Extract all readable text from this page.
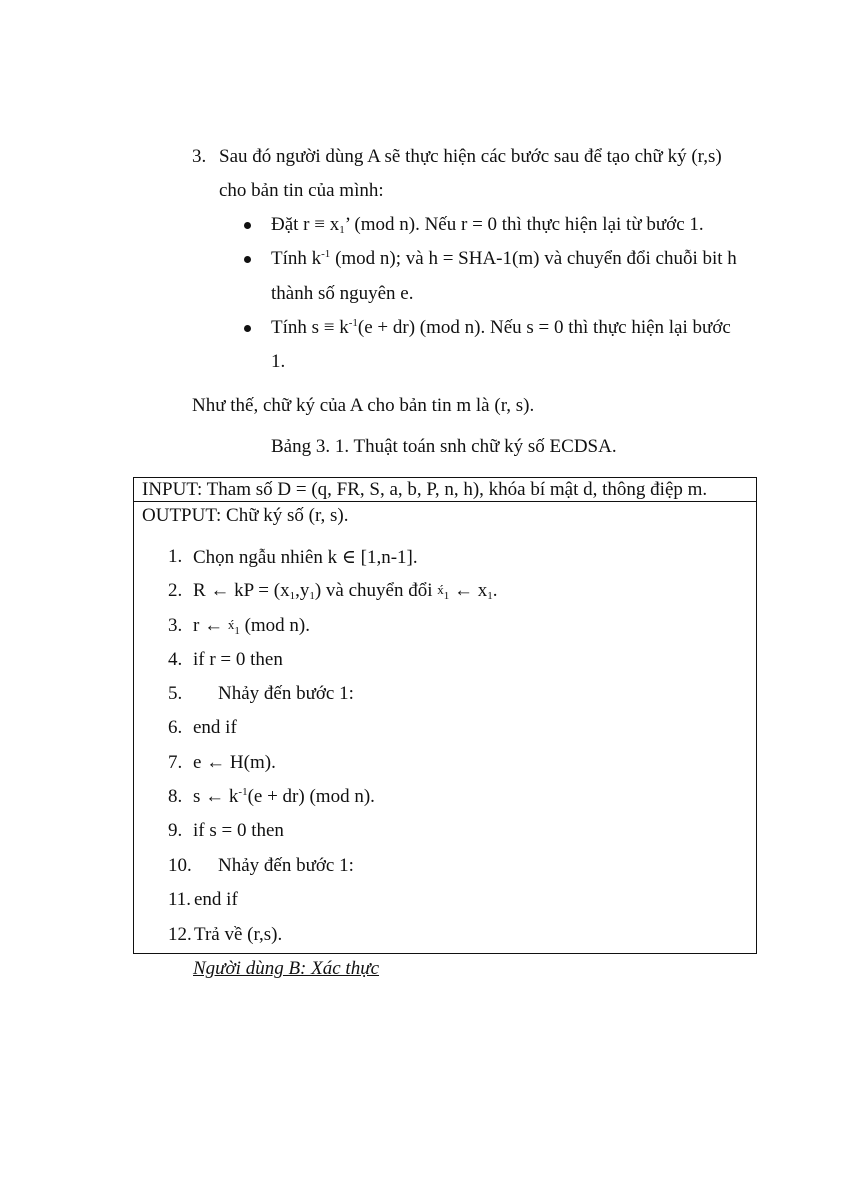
3. Sau đó người dùng A sẽ thực hiện các bước sau để tạo chữ ký (r,s)
cho bản tin của mình:
Đặt $r \equiv x_1$’ (mod n). Nếu r = 0 thì thực hiện lại từ bước 1.
Tính $k^{-1}$ (mod n); và h = SHA-1(m) và chuyển đổi chuỗi bit h
thành số nguyên e.
Tính $s \equiv k^{-1}(e + dr)$ (mod n). Nếu s = 0 thì thực hiện lại bước
1.
Như thế, chữ ký của A cho bản tin m là (r, s).
Bảng 3. 1. Thuật toán snh chữ ký số ECDSA.
INPUT: Tham số D = (q, FR, S, a, b, P, n, h), khóa bí mật d, thông điệp m.
OUTPUT: Chữ ký số (r, s).
1. Chọn ngẫu nhiên k ∈ [1,n-1].
2. R ← kP = $(x_1,y_1)$ và chuyển đổi $x́_1$ ← $x_1$.
3. r ← $x́_1$ (mod n).
4. if r = 0 then
5. Nhảy đến bước 1:
6. end if
7. e ← H(m).
8. s ← $k^{-1}(e + dr)$ (mod n).
9. if s = 0 then
10. Nhảy đến bước 1:
11. end if
12. Trả về (r,s).
Người dùng B: Xác thực
